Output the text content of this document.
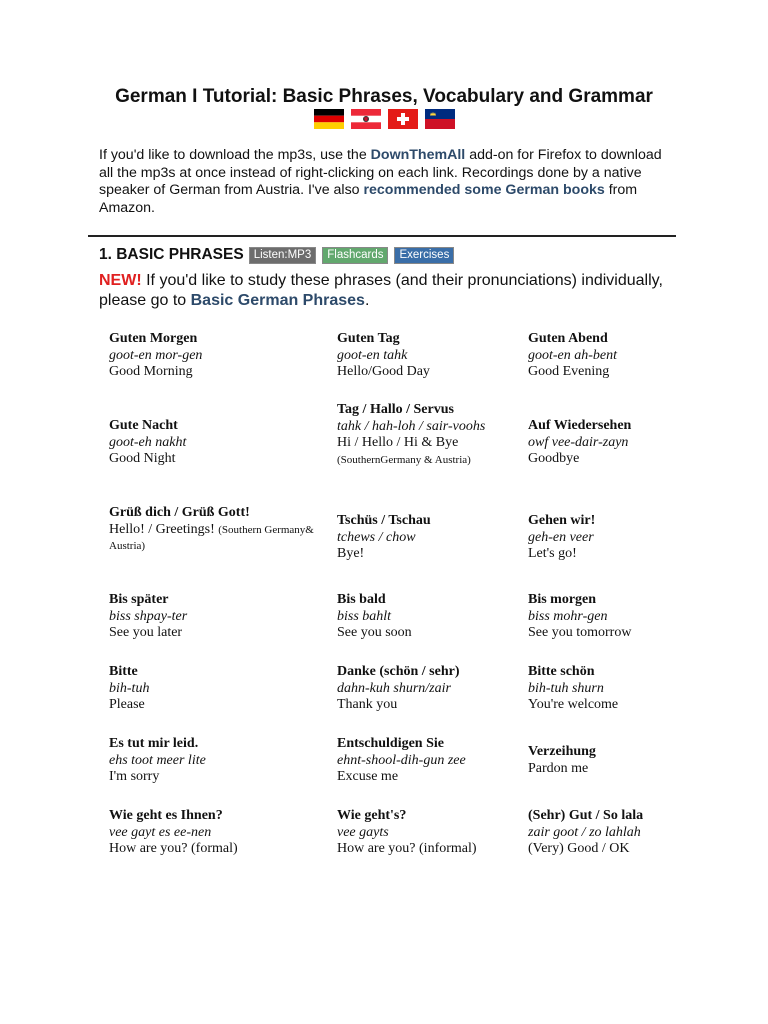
German I Tutorial: Basic Phrases, Vocabulary and Grammar
If you'd like to download the mp3s, use the DownThemAll add-on for Firefox to download all the mp3s at once instead of right-clicking on each link. Recordings done by a native speaker of German from Austria. I've also recommended some German books from Amazon.
1. BASIC PHRASES Listen:MP3	Flashcards	Exercises
NEW! If you'd like to study these phrases (and their pronunciations) individually, please go to Basic German Phrases.
Guten Morgen
goot-en mor-gen
Good Morning
Guten Tag
goot-en tahk
Hello/Good Day
Guten Abend
goot-en ah-bent
Good Evening
Gute Nacht
goot-eh nakht
Good Night
Tag / Hallo / Servus
tahk / hah-loh / sair-voohs
Hi / Hello / Hi & Bye (SouthernGermany & Austria)
Auf Wiedersehen
owf vee-dair-zayn
Goodbye
Grüß dich / Grüß Gott!
Hello! / Greetings! (Southern Germany& Austria)
Tschüs / Tschau
tchews / chow
Bye!
Gehen wir!
geh-en veer
Let's go!
Bis später
biss shpay-ter
See you later
Bis bald
biss bahlt
See you soon
Bis morgen
biss mohr-gen
See you tomorrow
Bitte
bih-tuh
Please
Danke (schön / sehr)
dahn-kuh shurn/zair
Thank you
Bitte schön
bih-tuh shurn
You're welcome
Es tut mir leid.
ehs toot meer lite
I'm sorry
Entschuldigen Sie
ehnt-shool-dih-gun zee
Excuse me
Verzeihung
Pardon me
Wie geht es Ihnen?
vee gayt es ee-nen
How are you? (formal)
Wie geht's?
vee gayts
How are you? (informal)
(Sehr) Gut / So lala
zair goot / zo lahlah
(Very) Good / OK
